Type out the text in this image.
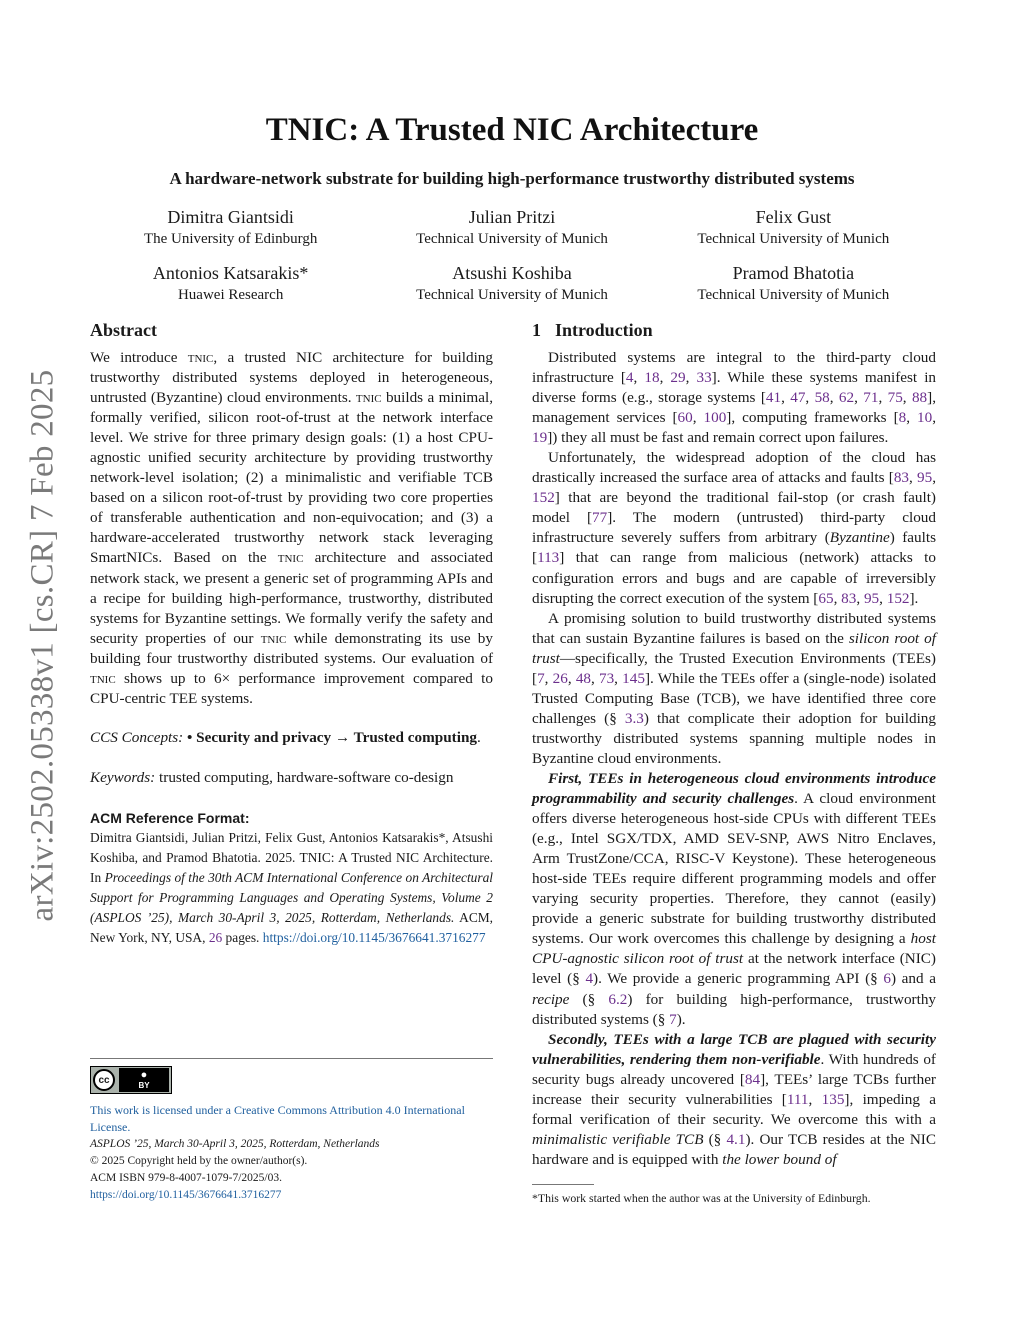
arXiv:2502.05338v1 [cs.CR] 7 Feb 2025
TNIC: A Trusted NIC Architecture

A hardware-network substrate for building high-performance trustworthy distributed systems

Dimitra Giantsidi
The University of Edinburgh
Julian Pritzi
Technical University of Munich
Felix Gust
Technical University of Munich
Antonios Katsarakis*
Huawei Research
Atsushi Koshiba
Technical University of Munich
Pramod Bhatotia
Technical University of Munich
Abstract

We introduce tnic, a trusted NIC architecture for building trustworthy distributed systems deployed in heterogeneous, untrusted (Byzantine) cloud environments. tnic builds a minimal, formally verified, silicon root-of-trust at the network interface level. We strive for three primary design goals: (1) a host CPU-agnostic unified security architecture by providing trustworthy network-level isolation; (2) a minimalistic and verifiable TCB based on a silicon root-of-trust by providing two core properties of transferable authentication and non-equivocation; and (3) a hardware-accelerated trustworthy network stack leveraging SmartNICs. Based on the tnic architecture and associated network stack, we present a generic set of programming APIs and a recipe for building high-performance, trustworthy, distributed systems for Byzantine settings. We formally verify the safety and security properties of our tnic while demonstrating its use by building four trustworthy distributed systems. Our evaluation of tnic shows up to 6× performance improvement compared to CPU-centric TEE systems.

CCS Concepts: • Security and privacy → Trusted computing.

Keywords: trusted computing, hardware-software co-design

ACM Reference Format:

Dimitra Giantsidi, Julian Pritzi, Felix Gust, Antonios Katsarakis*, Atsushi Koshiba, and Pramod Bhatotia. 2025. TNIC: A Trusted NIC Architecture. In Proceedings of the 30th ACM International Conference on Architectural Support for Programming Languages and Operating Systems, Volume 2 (ASPLOS ’25), March 30-April 3, 2025, Rotterdam, Netherlands. ACM, New York, NY, USA, 26 pages. https://doi.org/10.1145/3676641.3716277

cc	●
BY

This work is licensed under a Creative Commons Attribution 4.0 International License.

ASPLOS ’25, March 30-April 3, 2025, Rotterdam, Netherlands

© 2025 Copyright held by the owner/author(s).

ACM ISBN 979-8-4007-1079-7/2025/03.

https://doi.org/10.1145/3676641.3716277

1 Introduction

Distributed systems are integral to the third-party cloud infrastructure [4, 18, 29, 33]. While these systems manifest in diverse forms (e.g., storage systems [41, 47, 58, 62, 71, 75, 88], management services [60, 100], computing frameworks [8, 10, 19]) they all must be fast and remain correct upon failures.

Unfortunately, the widespread adoption of the cloud has drastically increased the surface area of attacks and faults [83, 95, 152] that are beyond the traditional fail-stop (or crash fault) model [77]. The modern (untrusted) third-party cloud infrastructure severely suffers from arbitrary (Byzantine) faults [113] that can range from malicious (network) attacks to configuration errors and bugs and are capable of irreversibly disrupting the correct execution of the system [65, 83, 95, 152].

A promising solution to build trustworthy distributed systems that can sustain Byzantine failures is based on the silicon root of trust—specifically, the Trusted Execution Environments (TEEs) [7, 26, 48, 73, 145]. While the TEEs offer a (single-node) isolated Trusted Computing Base (TCB), we have identified three core challenges (§ 3.3) that complicate their adoption for building trustworthy distributed systems spanning multiple nodes in Byzantine cloud environments.

First, TEEs in heterogeneous cloud environments introduce programmability and security challenges. A cloud environment offers diverse heterogeneous host-side CPUs with different TEEs (e.g., Intel SGX/TDX, AMD SEV-SNP, AWS Nitro Enclaves, Arm TrustZone/CCA, RISC-V Keystone). These heterogeneous host-side TEEs require different programming models and offer varying security properties. Therefore, they cannot (easily) provide a generic substrate for building trustworthy distributed systems. Our work overcomes this challenge by designing a host CPU-agnostic silicon root of trust at the network interface (NIC) level (§ 4). We provide a generic programming API (§ 6) and a recipe (§ 6.2) for building high-performance, trustworthy distributed systems (§ 7).

Secondly, TEEs with a large TCB are plagued with security vulnerabilities, rendering them non-verifiable. With hundreds of security bugs already uncovered [84], TEEs’ large TCBs further increase their security vulnerabilities [111, 135], impeding a formal verification of their security. We overcome this with a minimalistic verifiable TCB (§ 4.1). Our TCB resides at the NIC hardware and is equipped with the lower bound of

*This work started when the author was at the University of Edinburgh.
